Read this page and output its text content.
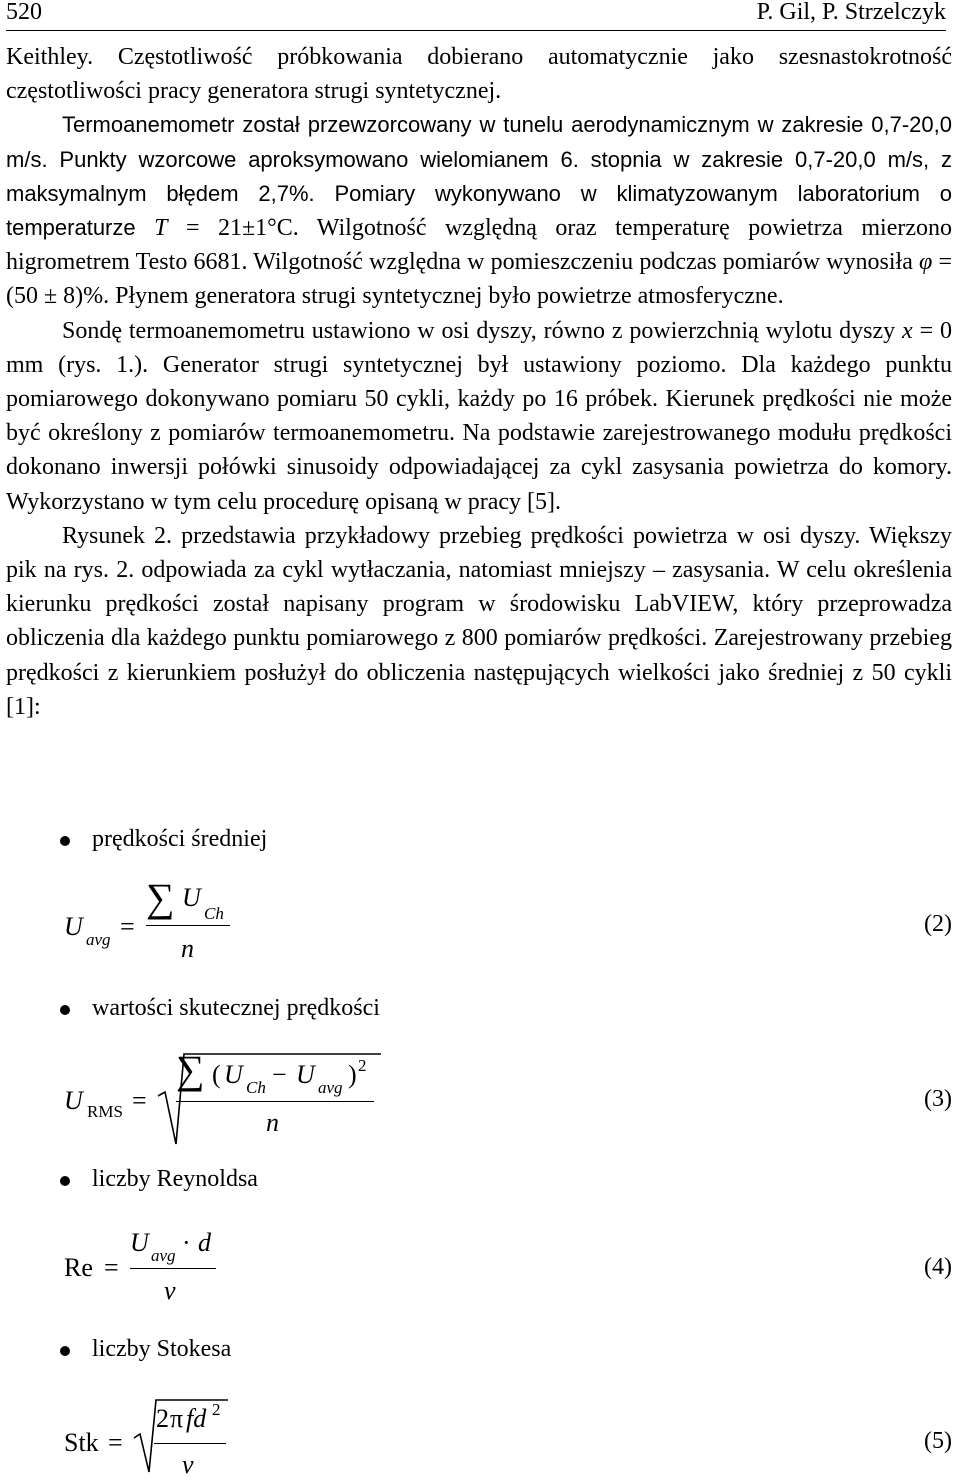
520	P. Gil, P. Strzelczyk

Keithley. Częstotliwość próbkowania dobierano automatycznie jako szesnastokrotność częstotliwości pracy generatora strugi syntetycznej.

Termoanemometr został przewzorcowany w tunelu aerodynamicznym w zakresie 0,7-20,0 m/s. Punkty wzorcowe aproksymowano wielomianem 6. stopnia w zakresie 0,7-20,0 m/s, z maksymalnym błędem 2,7%. Pomiary wykonywano w klimatyzowanym laboratorium o temperaturze T = 21±1°C. Wilgotność względną oraz temperaturę powietrza mierzono higrometrem Testo 6681. Wilgotność względna w pomieszczeniu podczas pomiarów wynosiła φ = (50 ± 8)%. Płynem generatora strugi syntetycznej było powietrze atmosferyczne.

Sondę termoanemometru ustawiono w osi dyszy, równo z powierzchnią wylotu dyszy x = 0 mm (rys. 1.). Generator strugi syntetycznej był ustawiony poziomo. Dla każdego punktu pomiarowego dokonywano pomiaru 50 cykli, każdy po 16 próbek. Kierunek prędkości nie może być określony z pomiarów termoanemometru. Na podstawie zarejestrowanego modułu prędkości dokonano inwersji połówki sinusoidy odpowiadającej za cykl zasysania powietrza do komory. Wykorzystano w tym celu procedurę opisaną w pracy [5].

Rysunek 2. przedstawia przykładowy przebieg prędkości powietrza w osi dyszy. Większy pik na rys. 2. odpowiada za cykl wytłaczania, natomiast mniejszy – zasysania. W celu określenia kierunku prędkości został napisany program w środowisku LabVIEW, który przeprowadza obliczenia dla każdego punktu pomiarowego z 800 pomiarów prędkości. Zarejestrowany przebieg prędkości z kierunkiem posłużył do obliczenia następujących wielkości jako średniej z 50 cykli [1]:

prędkości średniej
U avg =
∑ U
Ch
n
(2)
wartości skutecznej prędkości
U RMS =
∑ ( U Ch − U avg ) 2
n
(3)
liczby Reynoldsa
Re =
U avg · d
v
(4)
liczby Stokesa
Stk =
2 π fd 2
v
(5)
